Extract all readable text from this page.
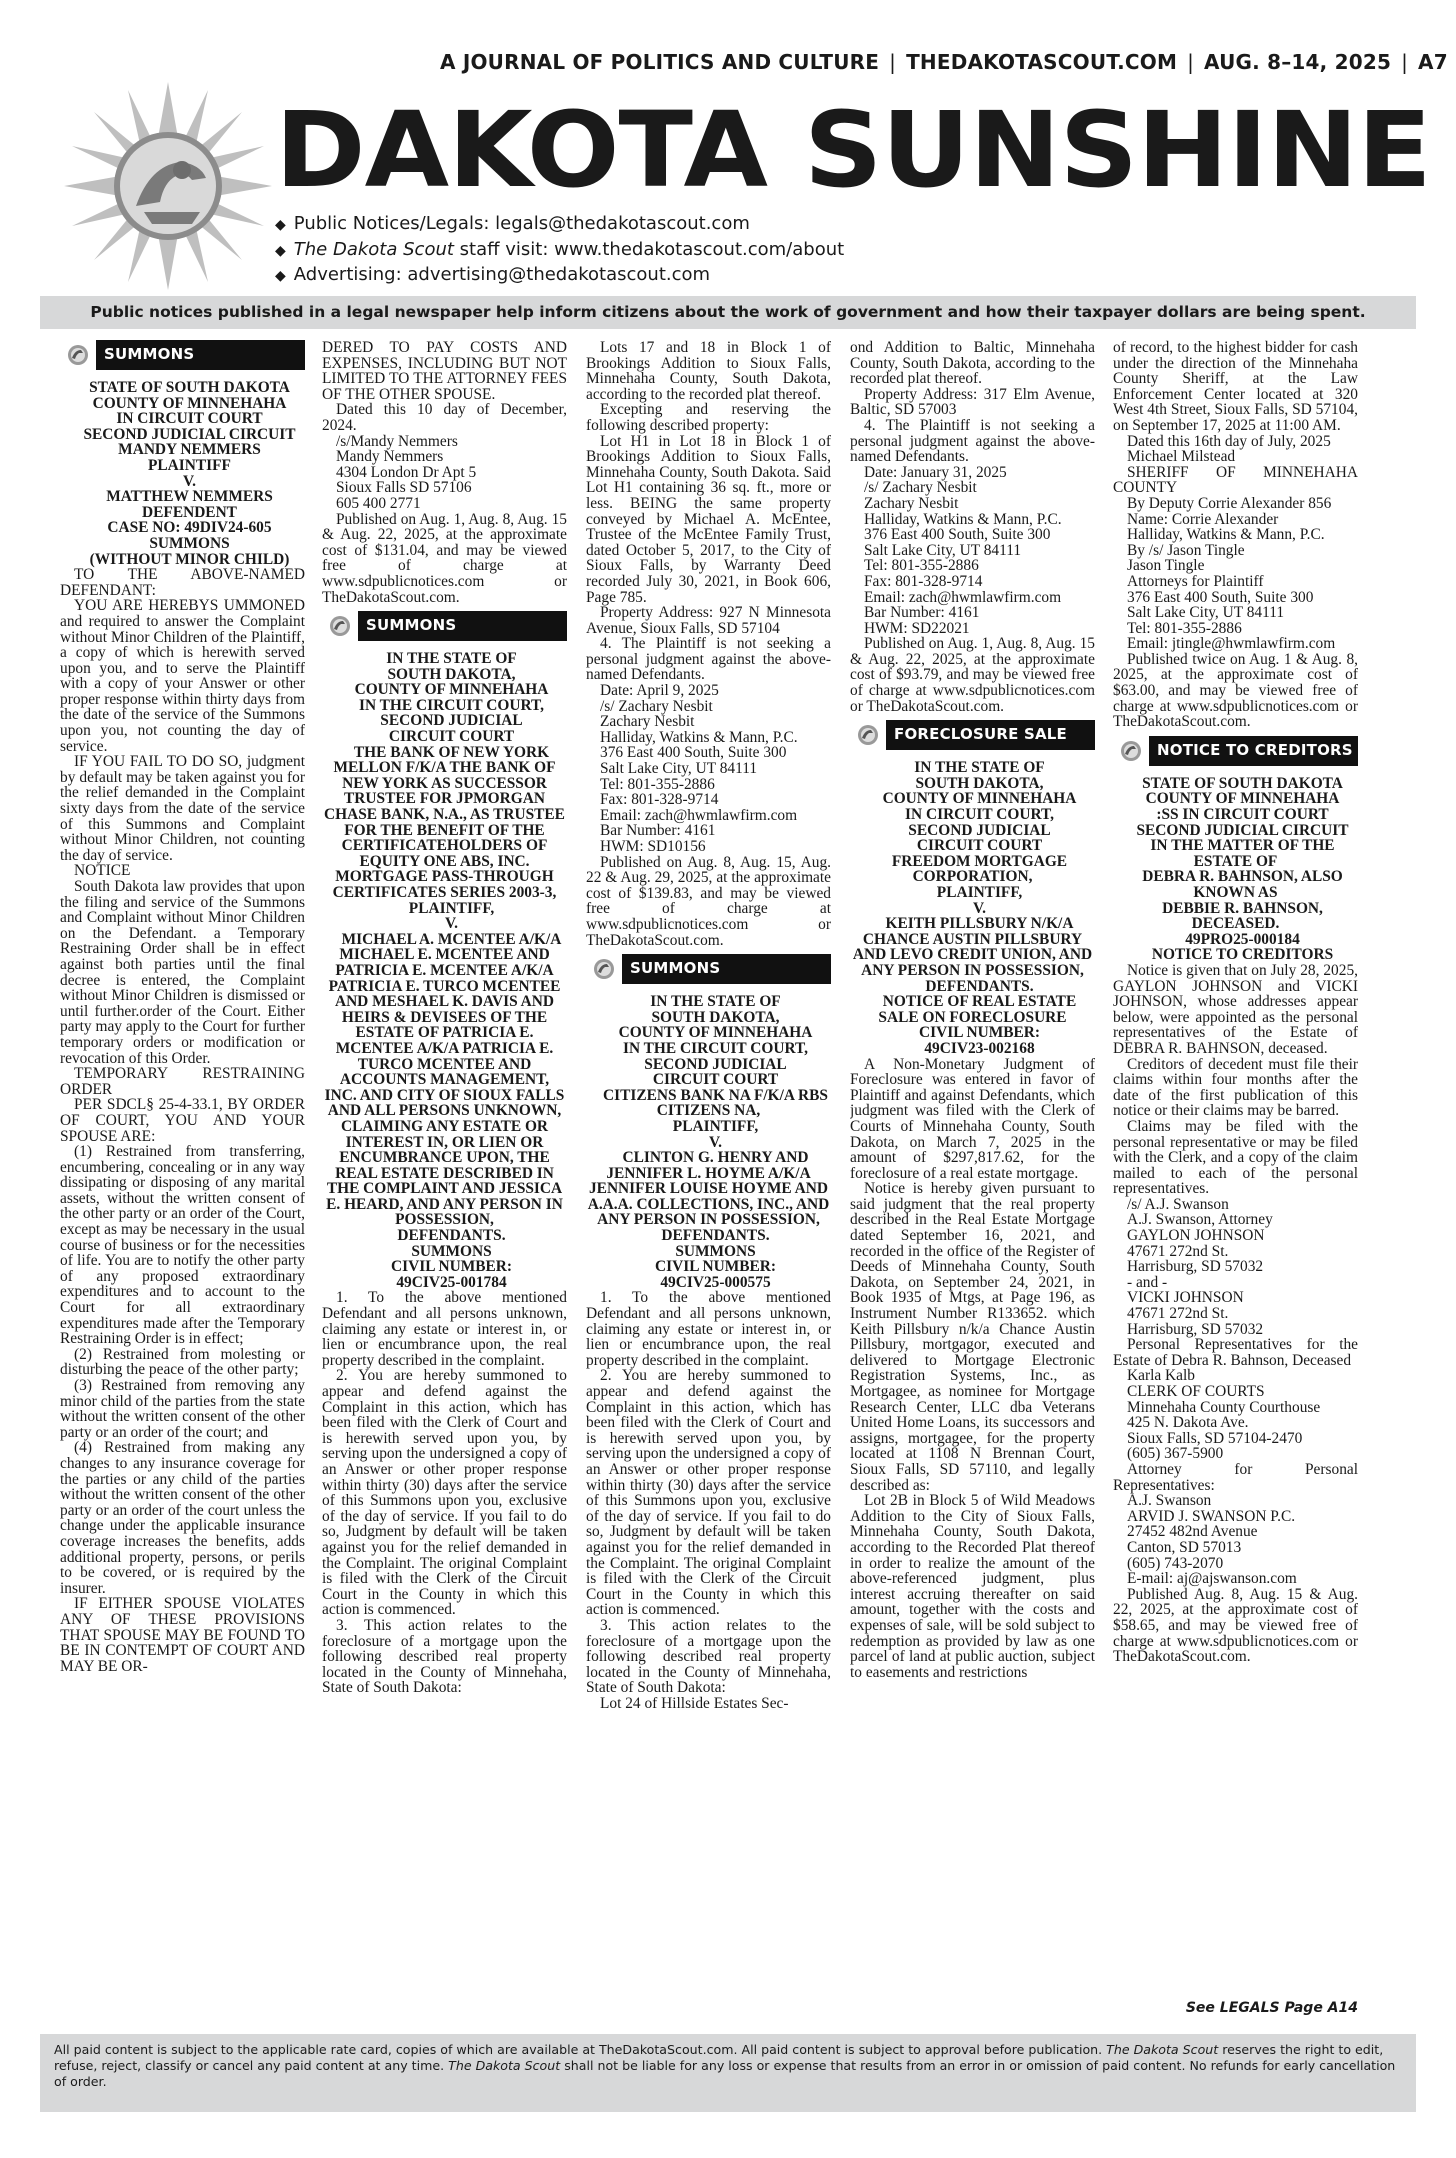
A JOURNAL OF POLITICS AND CULTURE | THEDAKOTASCOUT.COM | AUG. 8–14, 2025 | A7
DAKOTA SUNSHINE
◆ Public Notices/Legals: legals@thedakotascout.com
◆ The Dakota Scout staff visit: www.thedakotascout.com/about
◆ Advertising: advertising@thedakotascout.com
Public notices published in a legal newspaper help inform citizens about the work of government and how their taxpayer dollars are being spent.
SUMMONS

STATE OF SOUTH DAKOTA

COUNTY OF MINNEHAHA

IN CIRCUIT COURT

SECOND JUDICIAL CIRCUIT

MANDY NEMMERS

PLAINTIFF

V.

MATTHEW NEMMERS

DEFENDENT

CASE NO: 49DIV24-605

SUMMONS

(WITHOUT MINOR CHILD)

TO THE ABOVE-NAMED DEFENDANT:

YOU ARE HEREBYS UMMONED and required to answer the Complaint without Minor Children of the Plaintiff, a copy of which is herewith served upon you, and to serve the Plaintiff with a copy of your Answer or other proper response within thirty days from the date of the service of the Summons upon you, not counting the day of service.

IF YOU FAIL TO DO SO, judgment by default may be taken against you for the relief demanded in the Complaint sixty days from the date of the service of this Summons and Complaint without Minor Children, not counting the day of service.

NOTICE

South Dakota law provides that upon the filing and service of the Summons and Complaint without Minor Children on the Defendant. a Temporary Restraining Order shall be in effect against both parties until the final decree is entered, the Complaint without Minor Children is dismissed or until further.order of the Court. Either party may apply to the Court for further temporary orders or modification or revocation of this Order.

TEMPORARY RESTRAINING ORDER

PER SDCL§ 25-4-33.1, BY ORDER OF COURT, YOU AND YOUR SPOUSE ARE:

(1) Restrained from transferring, encumbering, concealing or in any way dissipating or disposing of any marital assets, without the written consent of the other party or an order of the Court, except as may be necessary in the usual course of business or for the necessities of life. You are to notify the other party of any proposed extraordinary expenditures and to account to the Court for all extraordinary expenditures made after the Temporary Restraining Order is in effect;

(2) Restrained from molesting or disturbing the peace of the other party;

(3) Restrained from removing any minor child of the parties from the state without the written consent of the other party or an order of the court; and

(4) Restrained from making any changes to any insurance coverage for the parties or any child of the parties without the written consent of the other party or an order of the court unless the change under the applicable insurance coverage increases the benefits, adds additional property, persons, or perils to be covered, or is required by the insurer.

IF EITHER SPOUSE VIOLATES ANY OF THESE PROVISIONS THAT SPOUSE MAY BE FOUND TO BE IN CONTEMPT OF COURT AND MAY BE OR-

DERED TO PAY COSTS AND EXPENSES, INCLUDING BUT NOT LIMITED TO THE ATTORNEY FEES OF THE OTHER SPOUSE.

Dated this 10 day of December, 2024.

/s/Mandy Nemmers

Mandy Nemmers

4304 London Dr Apt 5

Sioux Falls SD 57106

605 400 2771

Published on Aug. 1, Aug. 8, Aug. 15 & Aug. 22, 2025, at the approximate cost of $131.04, and may be viewed free of charge at www.sdpublicnotices.com or TheDakotaScout.com.

SUMMONS

IN THE STATE OF

SOUTH DAKOTA,

COUNTY OF MINNEHAHA

IN THE CIRCUIT COURT,

SECOND JUDICIAL

CIRCUIT COURT

THE BANK OF NEW YORK MELLON F/K/A THE BANK OF NEW YORK AS SUCCESSOR TRUSTEE FOR JPMORGAN CHASE BANK, N.A., AS TRUSTEE FOR THE BENEFIT OF THE CERTIFICATEHOLDERS OF EQUITY ONE ABS, INC. MORTGAGE PASS-THROUGH CERTIFICATES SERIES 2003-3,

PLAINTIFF,

V.

MICHAEL A. MCENTEE A/K/A MICHAEL E. MCENTEE AND PATRICIA E. MCENTEE A/K/A PATRICIA E. TURCO MCENTEE AND MESHAEL K. DAVIS AND HEIRS & DEVISEES OF THE ESTATE OF PATRICIA E. MCENTEE A/K/A PATRICIA E. TURCO MCENTEE AND ACCOUNTS MANAGEMENT, INC. AND CITY OF SIOUX FALLS AND ALL PERSONS UNKNOWN, CLAIMING ANY ESTATE OR INTEREST IN, OR LIEN OR ENCUMBRANCE UPON, THE REAL ESTATE DESCRIBED IN THE COMPLAINT AND JESSICA E. HEARD, AND ANY PERSON IN POSSESSION,

DEFENDANTS.

SUMMONS

CIVIL NUMBER:

49CIV25-001784

1. To the above mentioned Defendant and all persons unknown, claiming any estate or interest in, or lien or encumbrance upon, the real property described in the complaint.

2. You are hereby summoned to appear and defend against the Complaint in this action, which has been filed with the Clerk of Court and is herewith served upon you, by serving upon the undersigned a copy of an Answer or other proper response within thirty (30) days after the service of this Summons upon you, exclusive of the day of service. If you fail to do so, Judgment by default will be taken against you for the relief demanded in the Complaint. The original Complaint is filed with the Clerk of the Circuit Court in the County in which this action is commenced.

3. This action relates to the foreclosure of a mortgage upon the following described real property located in the County of Minnehaha, State of South Dakota:

Lots 17 and 18 in Block 1 of Brookings Addition to Sioux Falls, Minnehaha County, South Dakota, according to the recorded plat thereof.

Excepting and reserving the following described property:

Lot H1 in Lot 18 in Block 1 of Brookings Addition to Sioux Falls, Minnehaha County, South Dakota. Said Lot H1 containing 36 sq. ft., more or less. BEING the same property conveyed by Michael A. McEntee, Trustee of the McEntee Family Trust, dated October 5, 2017, to the City of Sioux Falls, by Warranty Deed recorded July 30, 2021, in Book 606, Page 785.

Property Address: 927 N Minnesota Avenue, Sioux Falls, SD 57104

4. The Plaintiff is not seeking a personal judgment against the above-named Defendants.

Date: April 9, 2025

/s/ Zachary Nesbit

Zachary Nesbit

Halliday, Watkins & Mann, P.C.

376 East 400 South, Suite 300

Salt Lake City, UT 84111

Tel: 801-355-2886

Fax: 801-328-9714

Email: zach@hwmlawfirm.com

Bar Number: 4161

HWM: SD10156

Published on Aug. 8, Aug. 15, Aug. 22 & Aug. 29, 2025, at the approximate cost of $139.83, and may be viewed free of charge at www.sdpublicnotices.com or TheDakotaScout.com.

SUMMONS

IN THE STATE OF

SOUTH DAKOTA,

COUNTY OF MINNEHAHA

IN THE CIRCUIT COURT,

SECOND JUDICIAL

CIRCUIT COURT

CITIZENS BANK NA F/K/A RBS CITIZENS NA,

PLAINTIFF,

V.

CLINTON G. HENRY AND JENNIFER L. HOYME A/K/A JENNIFER LOUISE HOYME AND A.A.A. COLLECTIONS, INC., AND ANY PERSON IN POSSESSION,

DEFENDANTS.

SUMMONS

CIVIL NUMBER:

49CIV25-000575

1. To the above mentioned Defendant and all persons unknown, claiming any estate or interest in, or lien or encumbrance upon, the real property described in the complaint.

2. You are hereby summoned to appear and defend against the Complaint in this action, which has been filed with the Clerk of Court and is herewith served upon you, by serving upon the undersigned a copy of an Answer or other proper response within thirty (30) days after the service of this Summons upon you, exclusive of the day of service. If you fail to do so, Judgment by default will be taken against you for the relief demanded in the Complaint. The original Complaint is filed with the Clerk of the Circuit Court in the County in which this action is commenced.

3. This action relates to the foreclosure of a mortgage upon the following described real property located in the County of Minnehaha, State of South Dakota:

Lot 24 of Hillside Estates Sec-

ond Addition to Baltic, Minnehaha County, South Dakota, according to the recorded plat thereof.

Property Address: 317 Elm Avenue, Baltic, SD 57003

4. The Plaintiff is not seeking a personal judgment against the above-named Defendants.

Date: January 31, 2025

/s/ Zachary Nesbit

Zachary Nesbit

Halliday, Watkins & Mann, P.C.

376 East 400 South, Suite 300

Salt Lake City, UT 84111

Tel: 801-355-2886

Fax: 801-328-9714

Email: zach@hwmlawfirm.com

Bar Number: 4161

HWM: SD22021

Published on Aug. 1, Aug. 8, Aug. 15 & Aug. 22, 2025, at the approximate cost of $93.79, and may be viewed free of charge at www.sdpublicnotices.com or TheDakotaScout.com.

FORECLOSURE SALE

IN THE STATE OF

SOUTH DAKOTA,

COUNTY OF MINNEHAHA

IN CIRCUIT COURT,

SECOND JUDICIAL

CIRCUIT COURT

FREEDOM MORTGAGE CORPORATION,

PLAINTIFF,

V.

KEITH PILLSBURY N/K/A CHANCE AUSTIN PILLSBURY AND LEVO CREDIT UNION, AND ANY PERSON IN POSSESSION,

DEFENDANTS.

NOTICE OF REAL ESTATE SALE ON FORECLOSURE

CIVIL NUMBER:

49CIV23-002168

A Non-Monetary Judgment of Foreclosure was entered in favor of Plaintiff and against Defendants, which judgment was filed with the Clerk of Courts of Minnehaha County, South Dakota, on March 7, 2025 in the amount of $297,817.62, for the foreclosure of a real estate mortgage.

Notice is hereby given pursuant to said judgment that the real property described in the Real Estate Mortgage dated September 16, 2021, and recorded in the office of the Register of Deeds of Minnehaha County, South Dakota, on September 24, 2021, in Book 1935 of Mtgs, at Page 196, as Instrument Number R133652. which Keith Pillsbury n/k/a Chance Austin Pillsbury, mortgagor, executed and delivered to Mortgage Electronic Registration Systems, Inc., as Mortgagee, as nominee for Mortgage Research Center, LLC dba Veterans United Home Loans, its successors and assigns, mortgagee, for the property located at 1108 N Brennan Court, Sioux Falls, SD 57110, and legally described as:

Lot 2B in Block 5 of Wild Meadows Addition to the City of Sioux Falls, Minnehaha County, South Dakota, according to the Recorded Plat thereof in order to realize the amount of the above-referenced judgment, plus interest accruing thereafter on said amount, together with the costs and expenses of sale, will be sold subject to redemption as provided by law as one parcel of land at public auction, subject to easements and restrictions

of record, to the highest bidder for cash under the direction of the Minnehaha County Sheriff, at the Law Enforcement Center located at 320 West 4th Street, Sioux Falls, SD 57104, on September 17, 2025 at 11:00 AM.

Dated this 16th day of July, 2025

Michael Milstead

SHERIFF OF MINNEHAHA COUNTY

By Deputy Corrie Alexander 856

Name: Corrie Alexander

Halliday, Watkins & Mann, P.C.

By /s/ Jason Tingle

Jason Tingle

Attorneys for Plaintiff

376 East 400 South, Suite 300

Salt Lake City, UT 84111

Tel: 801-355-2886

Email: jtingle@hwmlawfirm.com

Published twice on Aug. 1 & Aug. 8, 2025, at the approximate cost of $63.00, and may be viewed free of charge at www.sdpublicnotices.com or TheDakotaScout.com.

NOTICE TO CREDITORS

STATE OF SOUTH DAKOTA

COUNTY OF MINNEHAHA

:SS IN CIRCUIT COURT

SECOND JUDICIAL CIRCUIT

IN THE MATTER OF THE ESTATE OF

DEBRA R. BAHNSON, ALSO KNOWN AS

DEBBIE R. BAHNSON, DECEASED.

49PRO25-000184

NOTICE TO CREDITORS

Notice is given that on July 28, 2025, GAYLON JOHNSON and VICKI JOHNSON, whose addresses appear below, were appointed as the personal representatives of the Estate of DEBRA R. BAHNSON, deceased.

Creditors of decedent must file their claims within four months after the date of the first publication of this notice or their claims may be barred.

Claims may be filed with the personal representative or may be filed with the Clerk, and a copy of the claim mailed to each of the personal representatives.

/s/ A.J. Swanson

A.J. Swanson, Attorney

GAYLON JOHNSON

47671 272nd St.

Harrisburg, SD 57032

- and -

VICKI JOHNSON

47671 272nd St.

Harrisburg, SD 57032

Personal Representatives for the Estate of Debra R. Bahnson, Deceased

Karla Kalb

CLERK OF COURTS

Minnehaha County Courthouse

425 N. Dakota Ave.

Sioux Falls, SD 57104-2470

(605) 367-5900

Attorney for Personal Representatives:

A.J. Swanson

ARVID J. SWANSON P.C.

27452 482nd Avenue

Canton, SD 57013

(605) 743-2070

E-mail: aj@ajswanson.com

Published Aug. 8, Aug. 15 & Aug. 22, 2025, at the approximate cost of $58.65, and may be viewed free of charge at www.sdpublicnotices.com or TheDakotaScout.com.

See LEGALS Page A14
All paid content is subject to the applicable rate card, copies of which are available at TheDakotaScout.com. All paid content is subject to approval before publication. The Dakota Scout reserves the right to edit, refuse, reject, classify or cancel any paid content at any time. The Dakota Scout shall not be liable for any loss or expense that results from an error in or omission of paid content. No refunds for early cancellation of order.
